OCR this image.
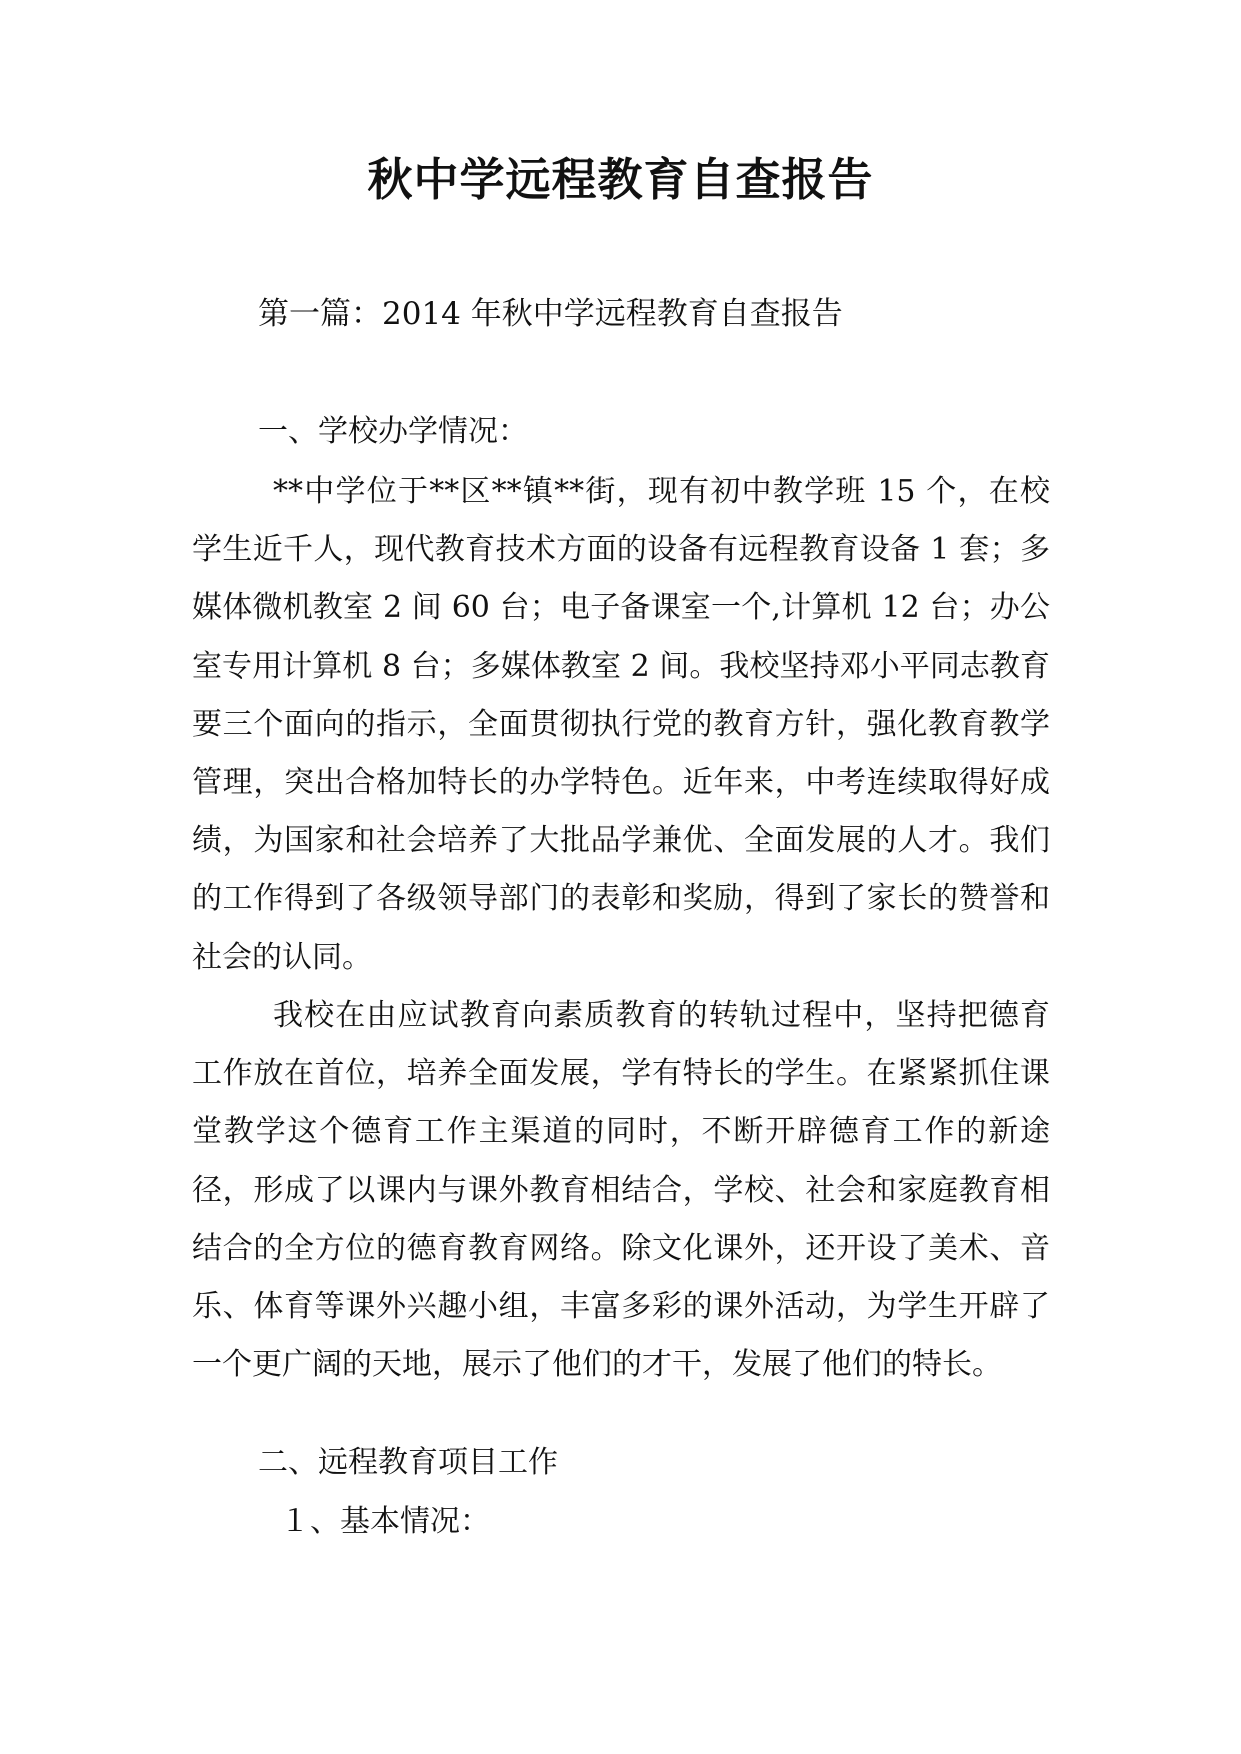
秋中学远程教育自查报告
第一篇：2014 年秋中学远程教育自查报告
一、学校办学情况：
**中学位于**区**镇**街，现有初中教学班 15 个，在校学生近千人，现代教育技术方面的设备有远程教育设备 1 套；多媒体微机教室 2 间 60 台；电子备课室一个,计算机 12 台；办公室专用计算机 8 台；多媒体教室 2 间。我校坚持邓小平同志教育要三个面向的指示，全面贯彻执行党的教育方针，强化教育教学管理，突出合格加特长的办学特色。近年来，中考连续取得好成绩，为国家和社会培养了大批品学兼优、全面发展的人才。我们的工作得到了各级领导部门的表彰和奖励，得到了家长的赞誉和社会的认同。
我校在由应试教育向素质教育的转轨过程中，坚持把德育工作放在首位，培养全面发展，学有特长的学生。在紧紧抓住课堂教学这个德育工作主渠道的同时，不断开辟德育工作的新途径，形成了以课内与课外教育相结合，学校、社会和家庭教育相结合的全方位的德育教育网络。除文化课外，还开设了美术、音乐、体育等课外兴趣小组，丰富多彩的课外活动，为学生开辟了一个更广阔的天地，展示了他们的才干，发展了他们的特长。
二、远程教育项目工作
１、基本情况：
